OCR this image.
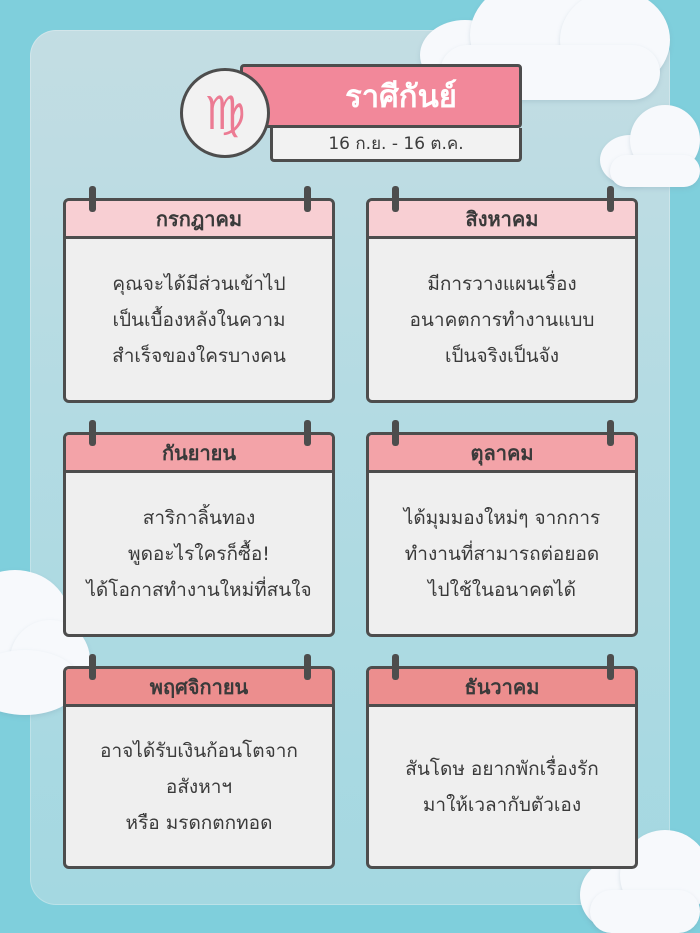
ราศีกันย์
16 ก.ย. - 16 ต.ค.
♍
กรกฎาคม

คุณจะได้มีส่วนเข้าไป
เป็นเบื้องหลังในความ
สำเร็จของใครบางคน

สิงหาคม

มีการวางแผนเรื่อง
อนาคตการทำงานแบบ
เป็นจริงเป็นจัง

กันยายน

สาริกาลิ้นทอง
พูดอะไรใครก็ซื้อ!
ได้โอกาสทำงานใหม่ที่สนใจ

ตุลาคม

ได้มุมมองใหม่ๆ จากการ
ทำงานที่สามารถต่อยอด
ไปใช้ในอนาคตได้

พฤศจิกายน

อาจได้รับเงินก้อนโตจาก
อสังหาฯ
หรือ มรดกตกทอด

ธันวาคม

สันโดษ อยากพักเรื่องรัก
มาให้เวลากับตัวเอง
